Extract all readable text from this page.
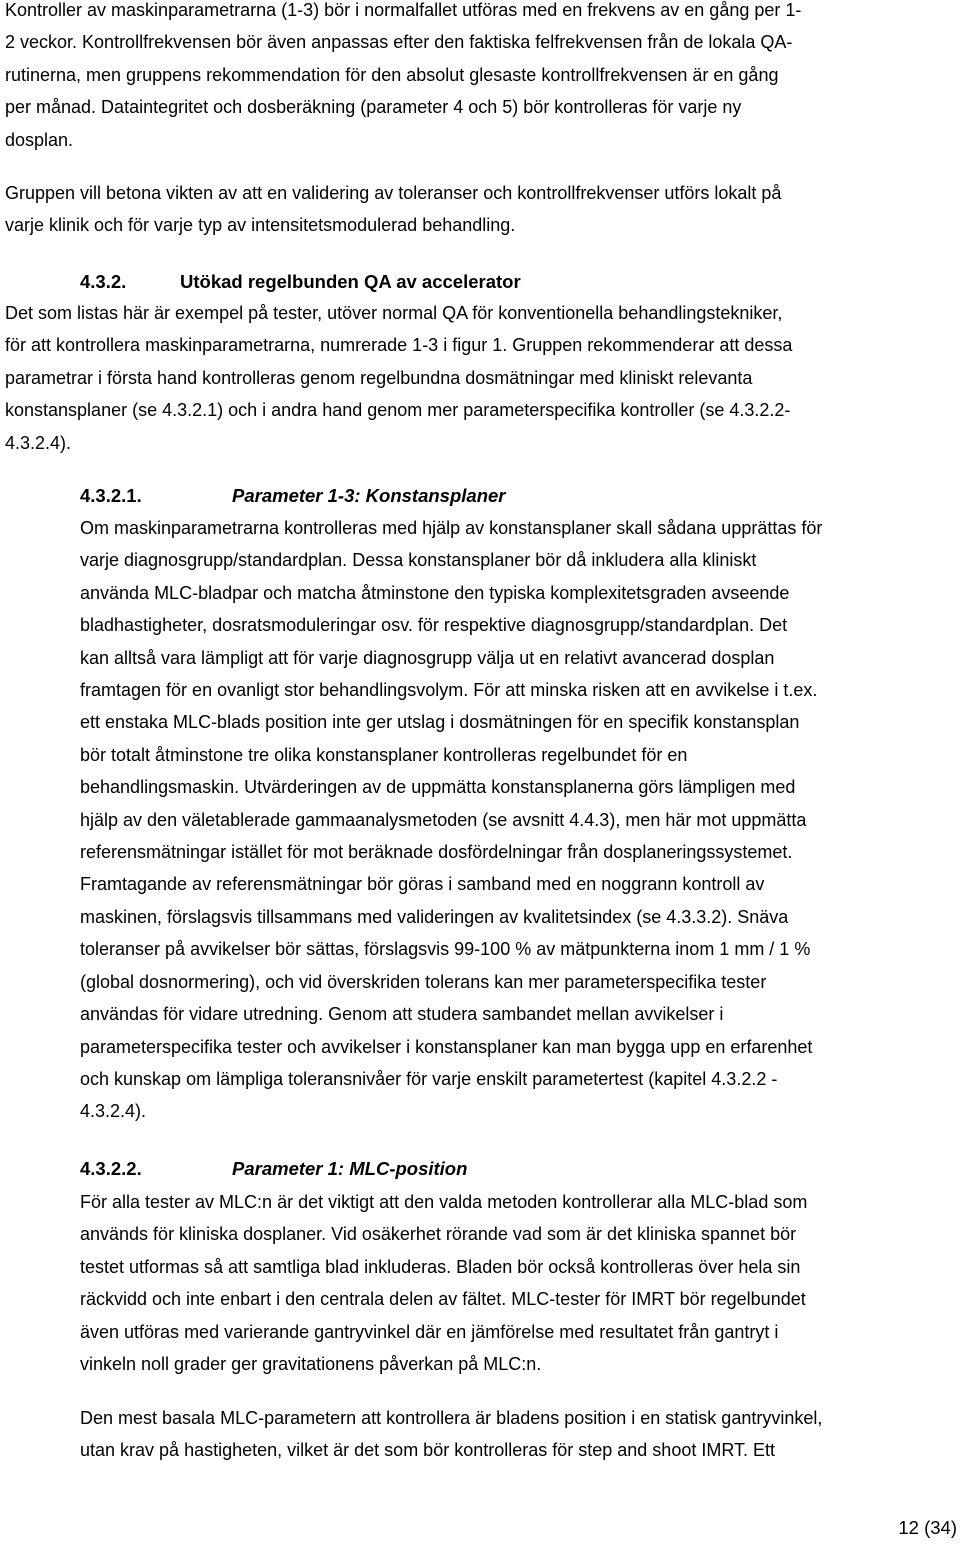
Kontroller av maskinparametrarna (1-3) bör i normalfallet utföras med en frekvens av en gång per 1-
2 veckor. Kontrollfrekvensen bör även anpassas efter den faktiska felfrekvensen från de lokala QA-
rutinerna, men gruppens rekommendation för den absolut glesaste kontrollfrekvensen är en gång
per månad. Dataintegritet och dosberäkning (parameter 4 och 5) bör kontrolleras för varje ny
dosplan.
Gruppen vill betona vikten av att en validering av toleranser och kontrollfrekvenser utförs lokalt på
varje klinik och för varje typ av intensitetsmodulerad behandling.
4.3.2.	Utökad regelbunden QA av accelerator
Det som listas här är exempel på tester, utöver normal QA för konventionella behandlingstekniker,
för att kontrollera maskinparametrarna, numrerade 1-3 i figur 1. Gruppen rekommenderar att dessa
parametrar i första hand kontrolleras genom regelbundna dosmätningar med kliniskt relevanta
konstansplaner (se 4.3.2.1) och i andra hand genom mer parameterspecifika kontroller (se 4.3.2.2-
4.3.2.4).
4.3.2.1.	Parameter 1-3: Konstansplaner
Om maskinparametrarna kontrolleras med hjälp av konstansplaner skall sådana upprättas för
varje diagnosgrupp/standardplan. Dessa konstansplaner bör då inkludera alla kliniskt
använda MLC-bladpar och matcha åtminstone den typiska komplexitetsgraden avseende
bladhastigheter, dosratsmoduleringar osv. för respektive diagnosgrupp/standardplan. Det
kan alltså vara lämpligt att för varje diagnosgrupp välja ut en relativt avancerad dosplan
framtagen för en ovanligt stor behandlingsvolym. För att minska risken att en avvikelse i t.ex.
ett enstaka MLC-blads position inte ger utslag i dosmätningen för en specifik konstansplan
bör totalt åtminstone tre olika konstansplaner kontrolleras regelbundet för en
behandlingsmaskin. Utvärderingen av de uppmätta konstansplanerna görs lämpligen med
hjälp av den väletablerade gammaanalysmetoden (se avsnitt 4.4.3), men här mot uppmätta
referensmätningar istället för mot beräknade dosfördelningar från dosplaneringssystemet.
Framtagande av referensmätningar bör göras i samband med en noggrann kontroll av
maskinen, förslagsvis tillsammans med valideringen av kvalitetsindex (se 4.3.3.2). Snäva
toleranser på avvikelser bör sättas, förslagsvis 99-100 % av mätpunkterna inom 1 mm / 1 %
(global dosnormering), och vid överskriden tolerans kan mer parameterspecifika tester
användas för vidare utredning. Genom att studera sambandet mellan avvikelser i
parameterspecifika tester och avvikelser i konstansplaner kan man bygga upp en erfarenhet
och kunskap om lämpliga toleransnivåer för varje enskilt parametertest (kapitel 4.3.2.2 -
4.3.2.4).
4.3.2.2.	Parameter 1: MLC-position
För alla tester av MLC:n är det viktigt att den valda metoden kontrollerar alla MLC-blad som
används för kliniska dosplaner. Vid osäkerhet rörande vad som är det kliniska spannet bör
testet utformas så att samtliga blad inkluderas. Bladen bör också kontrolleras över hela sin
räckvidd och inte enbart i den centrala delen av fältet. MLC-tester för IMRT bör regelbundet
även utföras med varierande gantryvinkel där en jämförelse med resultatet från gantryt i
vinkeln noll grader ger gravitationens påverkan på MLC:n.
Den mest basala MLC-parametern att kontrollera är bladens position i en statisk gantryvinkel,
utan krav på hastigheten, vilket är det som bör kontrolleras för step and shoot IMRT. Ett
12 (34)
